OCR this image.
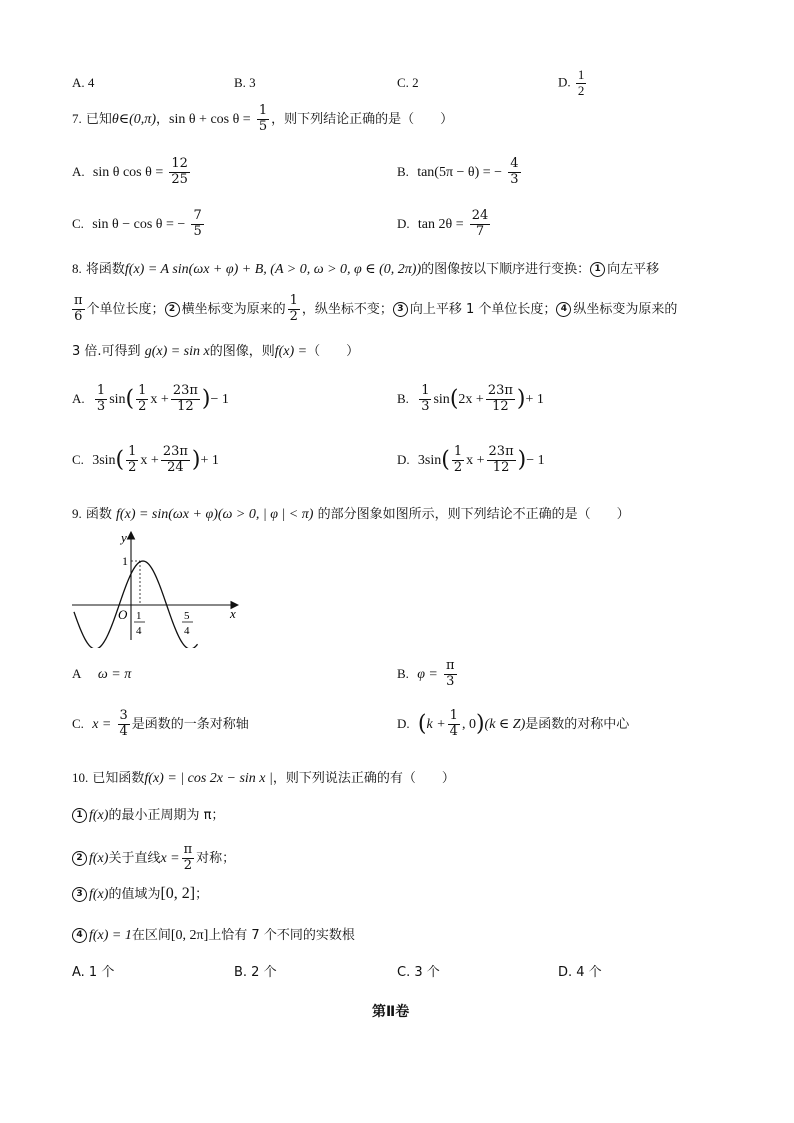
A. 4	B. 3	C. 2	D. $\frac{1}{2}$
7. 已知θ∈(0,π)，$\sin \theta + \cos \theta = \frac{1}{5}$ ，则下列结论正确的是（　　）
A. sin θ $\cos \theta = \frac{12}{25}$	B. tan(5π − θ) = − $\frac{4}{3}$
C. sin θ − cos θ = − $\frac{7}{5}$	D. $\tan 2\theta = \frac{24}{7}$
8. 将函数f(x) = A sin(ωx + φ) + B, (A > 0, ω > 0, φ ∈ (0, 2π))的图像按以下顺序进行变换： 1 向左平移
$\frac{\pi}{6}$ 个单位长度； 2 横坐标变为原来的 $\frac{1}{2}$ ，纵坐标不变； 3 向上平移 1 个单位长度； 4 纵坐标变为原来的
3 倍.可得到 g(x) = sin x的图像，则f(x) =（　　）
A. $\frac{1}{3} \sin( \frac{1}{2}$ $x + \frac{23\pi}{12}$ )− 1	B. $\frac{1}{3} \sin(2x + \frac{23\pi}{12}$ )+ 1
C. $3\sin( \frac{1}{2}$ $x + \frac{23\pi}{24}$ )+ 1	D. $3\sin( \frac{1}{2}$ $x + \frac{23\pi}{12}$ )− 1
9. 函数 f(x) = sin(ωx + φ)(ω > 0, | φ | < π) 的部分图象如图所示，则下列结论不正确的是（　　）
y
x
O
1
1
4
5
4
A ω = π	B. $\varphi = \frac{\pi}{3}$
C. $x = \frac{3}{4}$ 是函数的一条对称轴	D. ($k + \frac{1}{4}$ , 0)(k ∈ Z)是函数的对称中心
10. 已知函数f(x) = | cos 2x − sin x |，则下列说法正确的有（　　）
1 f(x)的最小正周期为 π；
2 f(x)关于直线$x = \frac{\pi}{2}$ 对称；
3 f(x)的值域为[0, 2]；
4 f(x) = 1在区间[0, 2π]上恰有 7 个不同的实数根
A. 1 个	B. 2 个	C. 3 个	D. 4 个
第Ⅱ卷
